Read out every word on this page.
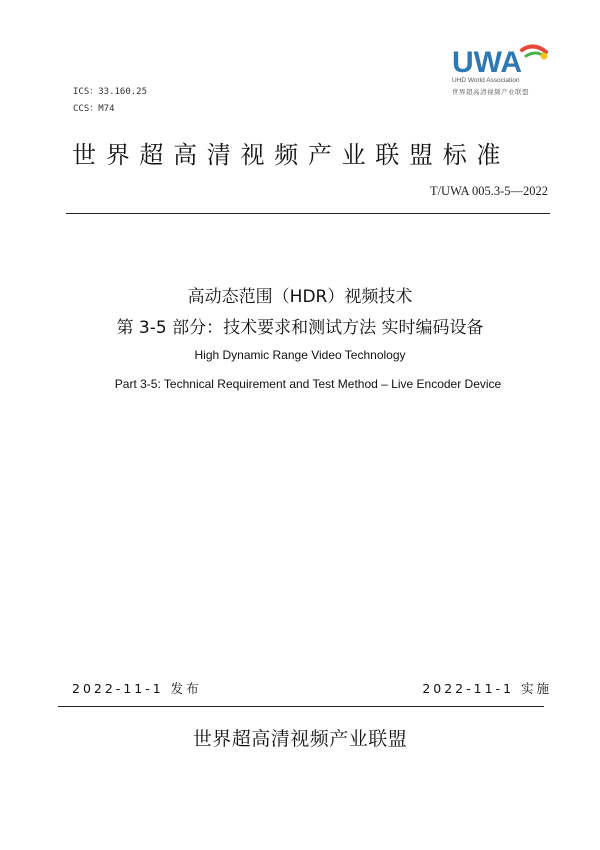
ICS：33.160.25
CCS：M74
UWA
UHD World Association
世界超高清视频产业联盟
世界超高清视频产业联盟标准
T/UWA 005.3-5—2022
高动态范围（HDR）视频技术
第 3-5 部分：技术要求和测试方法 实时编码设备
High Dynamic Range Video Technology
Part 3-5: Technical Requirement and Test Method – Live Encoder Device
2022-11-1 发布	2022-11-1 实施
世界超高清视频产业联盟
